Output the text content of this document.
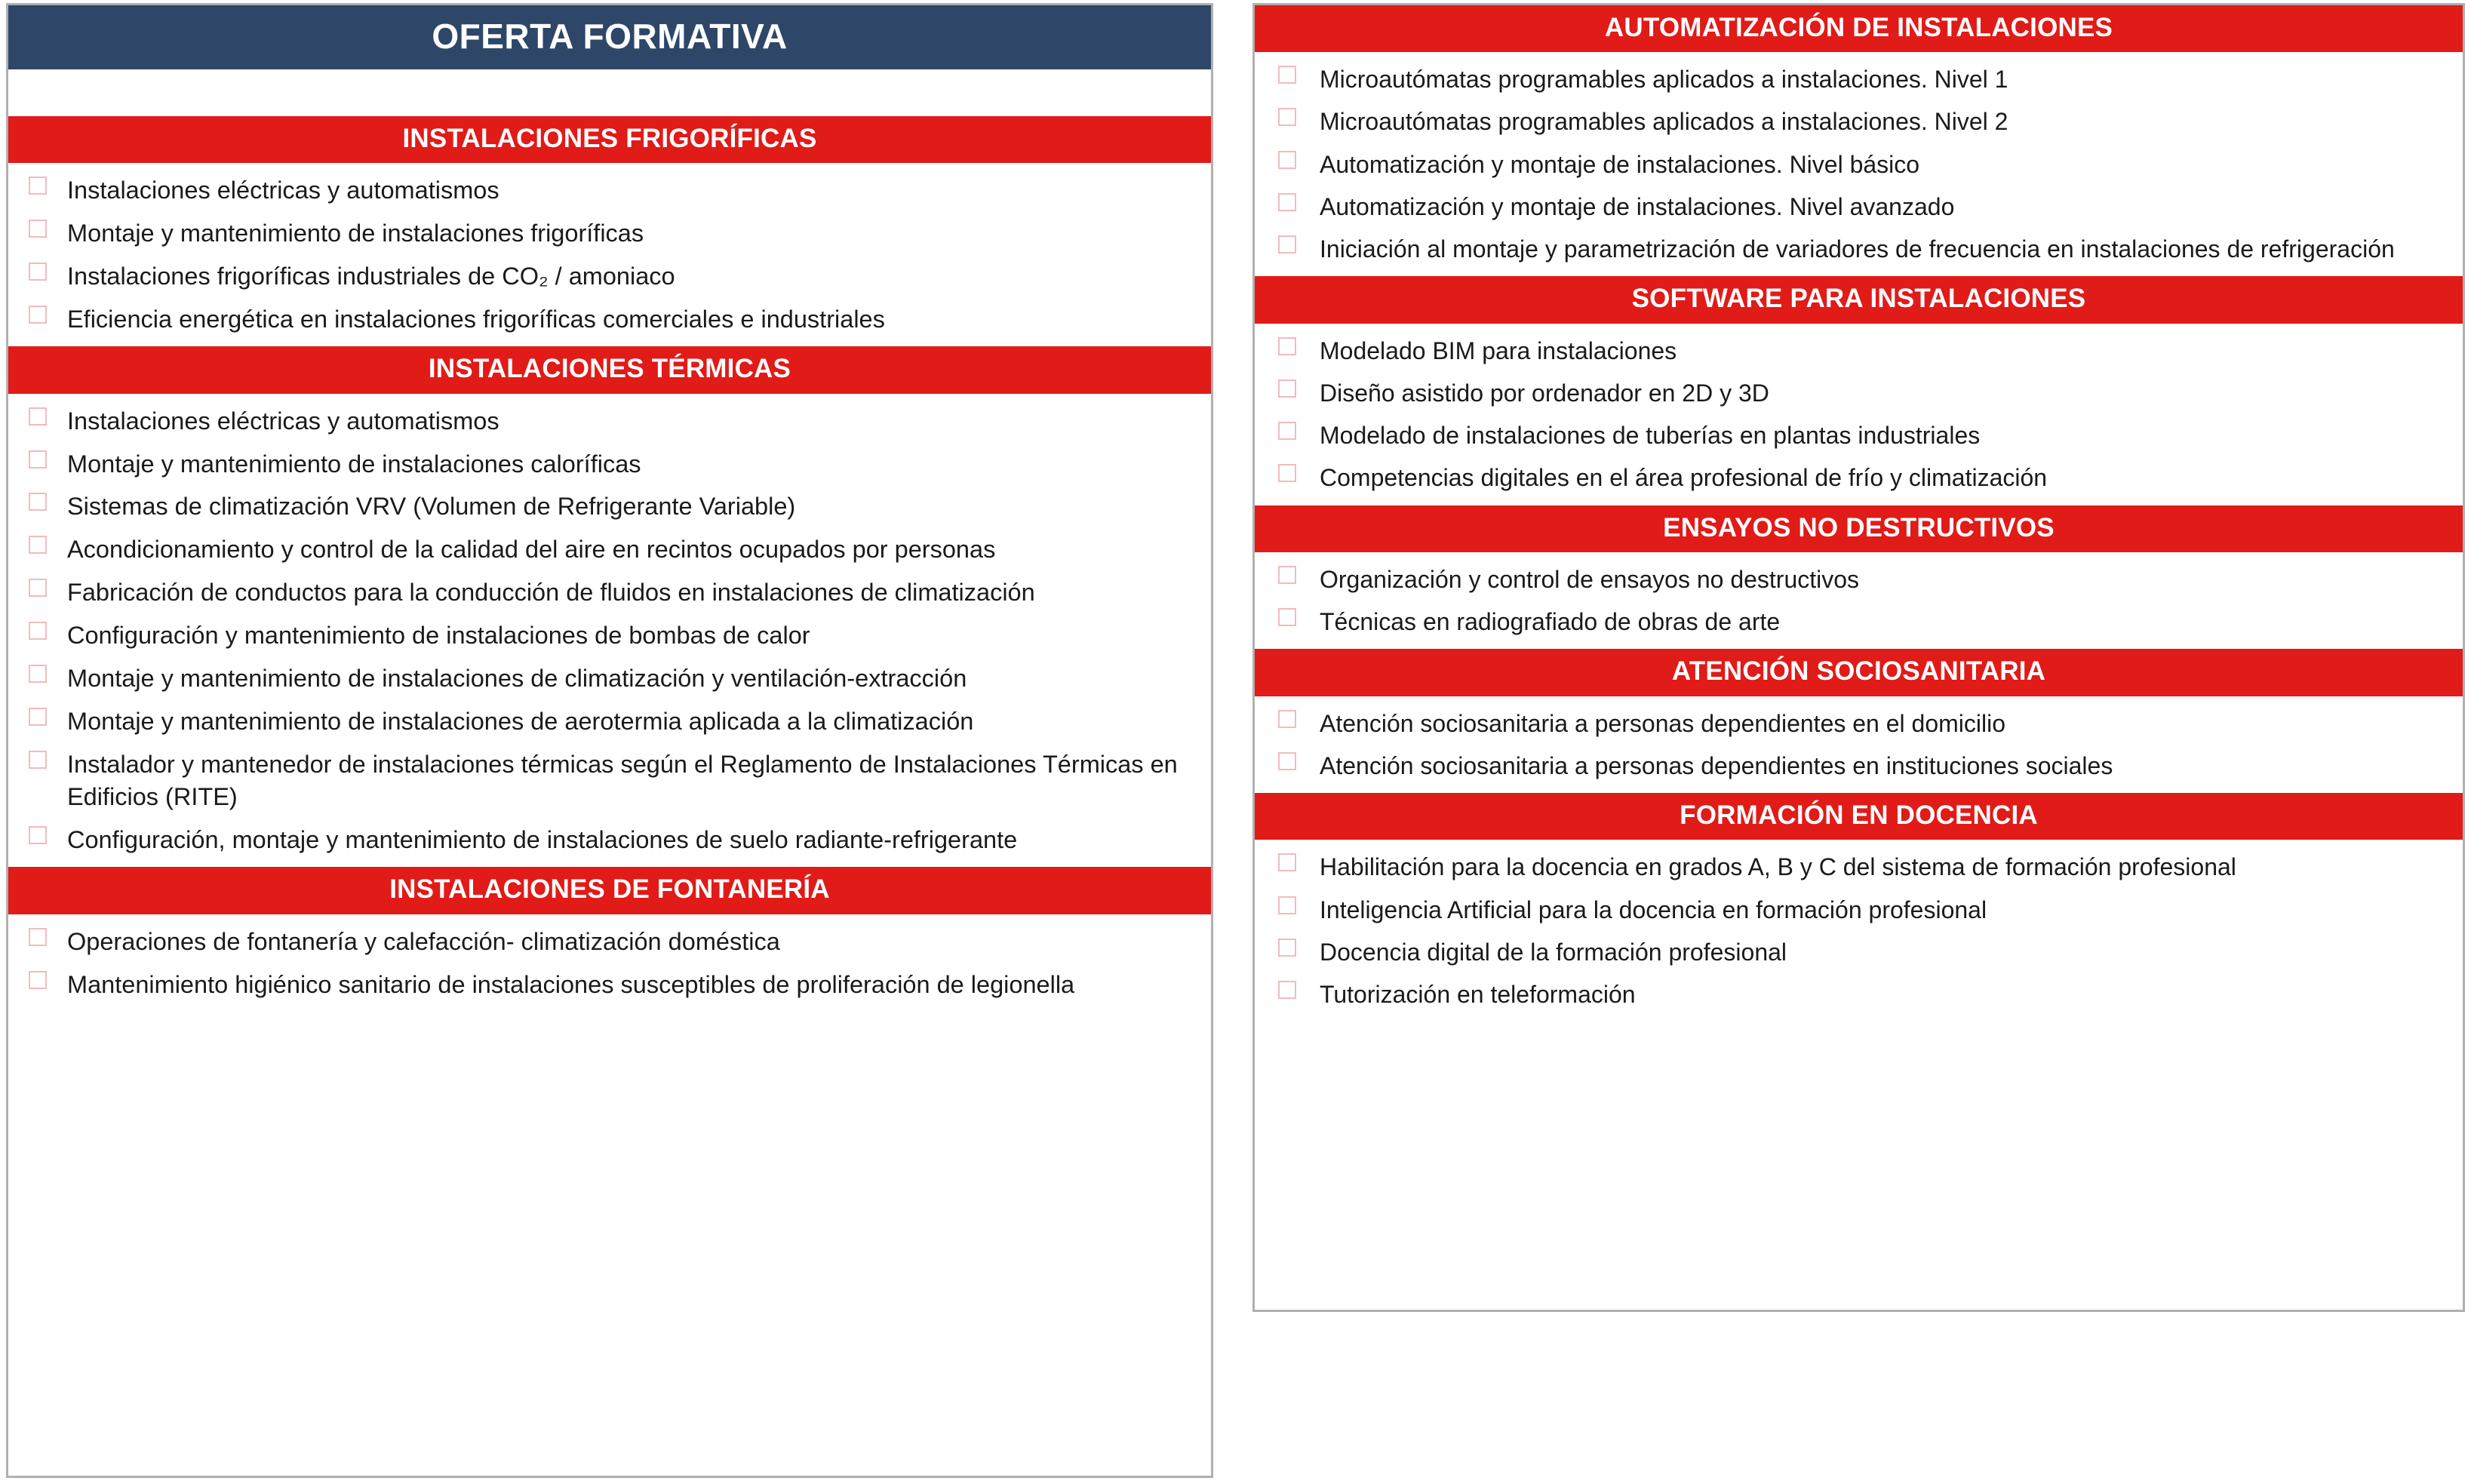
OFERTA FORMATIVA
INSTALACIONES FRIGORÍFICAS
Instalaciones eléctricas y automatismos
Montaje y mantenimiento de instalaciones frigoríficas
Instalaciones frigoríficas industriales de CO₂ / amoniaco
Eficiencia energética en instalaciones frigoríficas comerciales e industriales
INSTALACIONES TÉRMICAS
Instalaciones eléctricas y automatismos
Montaje y mantenimiento de instalaciones caloríficas
Sistemas de climatización VRV (Volumen de Refrigerante Variable)
Acondicionamiento y control de la calidad del aire en recintos ocupados por personas
Fabricación de conductos para la conducción de fluidos en instalaciones de climatización
Configuración y mantenimiento de instalaciones de bombas de calor
Montaje y mantenimiento de instalaciones de climatización y ventilación-extracción
Montaje y mantenimiento de instalaciones de aerotermia aplicada a la climatización
Instalador y mantenedor de instalaciones térmicas según el Reglamento de Instalaciones Térmicas en Edificios (RITE)
Configuración, montaje y mantenimiento de instalaciones de suelo radiante-refrigerante
INSTALACIONES DE FONTANERÍA
Operaciones de fontanería y calefacción- climatización doméstica
Mantenimiento higiénico sanitario de instalaciones susceptibles de proliferación de legionella
AUTOMATIZACIÓN DE INSTALACIONES
Microautómatas programables aplicados a instalaciones. Nivel 1
Microautómatas programables aplicados a instalaciones. Nivel 2
Automatización y montaje de instalaciones. Nivel básico
Automatización y montaje de instalaciones. Nivel avanzado
Iniciación al montaje y parametrización de variadores de frecuencia en instalaciones de refrigeración
SOFTWARE PARA INSTALACIONES
Modelado BIM para instalaciones
Diseño asistido por ordenador en 2D y 3D
Modelado de instalaciones de tuberías en plantas industriales
Competencias digitales en el área profesional de frío y climatización
ENSAYOS NO DESTRUCTIVOS
Organización y control de ensayos no destructivos
Técnicas en radiografiado de obras de arte
ATENCIÓN SOCIOSANITARIA
Atención sociosanitaria a personas dependientes en el domicilio
Atención sociosanitaria a personas dependientes en instituciones sociales
FORMACIÓN EN DOCENCIA
Habilitación para la docencia en grados A, B y C del sistema de formación profesional
Inteligencia Artificial para la docencia en formación profesional
Docencia digital de la formación profesional
Tutorización en teleformación
